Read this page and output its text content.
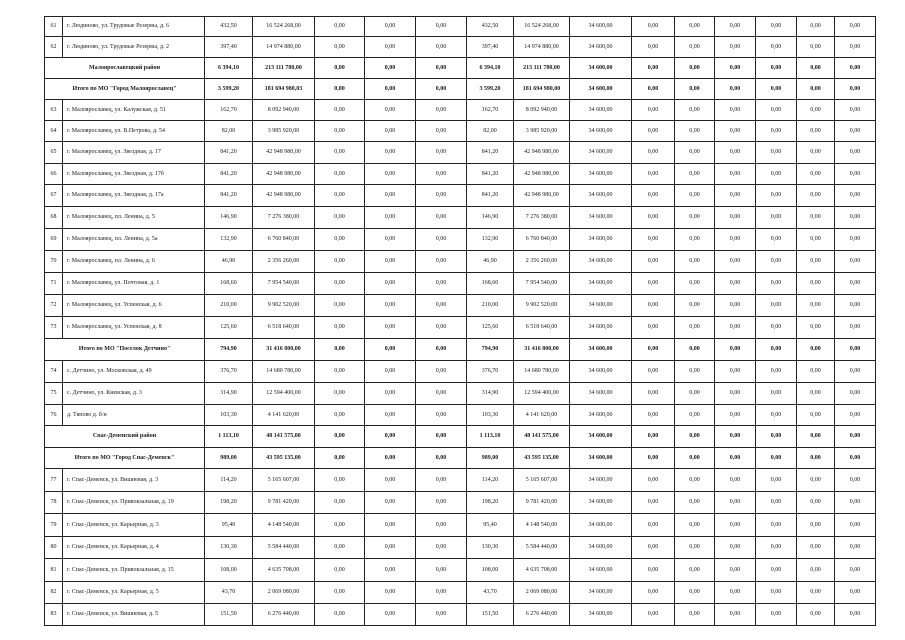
61	г. Людиново, ул. Трудовые Резервы, д. 6	432,50	16 524 268,00	0,00	0,00	0,00	432,50	16 524 268,00	34 600,00	0,00	0,00	0,00	0,00	0,00	0,00
62	г. Людиново, ул. Трудовые Резервы, д. 2	397,40	14 974 880,00	0,00	0,00	0,00	397,40	14 974 880,00	34 600,00	0,00	0,00	0,00	0,00	0,00	0,00
Малоярославецкий район		6 394,10	213 111 780,00	0,00	0,00	0,00	6 394,10	213 111 780,00	34 600,00	0,00	0,00	0,00	0,00	0,00	0,00
Итого по МО "Город Малоярославец"		3 599,20	181 694 980,03	0,00	0,00	0,00	3 599,20	181 694 980,00	34 600,00	0,00	0,00	0,00	0,00	0,00	0,00
63	г. Малоярославец, ул. Калужская, д. 51	162,70	8 092 940,00	0,00	0,00	0,00	162,70	8 092 940,00	34 600,00	0,00	0,00	0,00	0,00	0,00	0,00
64	г. Малоярославец, ул. В.Петрова, д. 54	82,00	3 985 920,00	0,00	0,00	0,00	82,00	3 985 920,00	34 600,00	0,00	0,00	0,00	0,00	0,00	0,00
65	г. Малоярославец, ул. Звездная, д. 17	841,20	42 948 980,00	0,00	0,00	0,00	841,20	42 948 980,00	34 600,00	0,00	0,00	0,00	0,00	0,00	0,00
66	г. Малоярославец, ул. Звездная, д. 17б	841,20	42 948 980,00	0,00	0,00	0,00	841,20	42 948 980,00	34 600,00	0,00	0,00	0,00	0,00	0,00	0,00
67	г. Малоярославец, ул. Звездная, д. 17а	841,20	42 948 980,00	0,00	0,00	0,00	841,20	42 948 980,00	34 600,00	0,00	0,00	0,00	0,00	0,00	0,00
68	г. Малоярославец, пл. Ленина, д. 5	146,90	7 276 380,00	0,00	0,00	0,00	146,90	7 276 380,00	34 600,00	0,00	0,00	0,00	0,00	0,00	0,00
69	г. Малоярославец, пл. Ленина, д. 5а	132,90	6 760 840,00	0,00	0,00	0,00	132,90	6 760 840,00	34 600,00	0,00	0,00	0,00	0,00	0,00	0,00
70	г. Малоярославец, пл. Ленина, д. 6	46,90	2 356 260,00	0,00	0,00	0,00	46,90	2 356 260,00	34 600,00	0,00	0,00	0,00	0,00	0,00	0,00
71	г. Малоярославец, ул. Почтовая, д. 1	168,60	7 954 540,00	0,00	0,00	0,00	168,60	7 954 540,00	34 600,00	0,00	0,00	0,00	0,00	0,00	0,00
72	г. Малоярославец, ул. Успенская, д. 6	210,00	9 902 520,00	0,00	0,00	0,00	210,00	9 902 520,00	34 600,00	0,00	0,00	0,00	0,00	0,00	0,00
73	г. Малоярославец, ул. Успенская, д. 8	125,60	6 518 640,00	0,00	0,00	0,00	125,60	6 518 640,00	34 600,00	0,00	0,00	0,00	0,00	0,00	0,00
Итого по МО "Поселок Детчино"		794,90	31 416 800,00	0,00	0,00	0,00	794,90	31 416 800,00	34 600,00	0,00	0,00	0,00	0,00	0,00	0,00
74	с. Детчино, ул. Московская, д. 49	376,70	14 680 780,00	0,00	0,00	0,00	376,70	14 680 780,00	34 600,00	0,00	0,00	0,00	0,00	0,00	0,00
75	с. Детчино, ул. Киевская, д. 3	314,90	12 594 400,00	0,00	0,00	0,00	314,90	12 594 400,00	34 600,00	0,00	0,00	0,00	0,00	0,00	0,00
76	д. Тяпово д. б/н	103,30	4 141 620,00	0,00	0,00	0,00	103,30	4 141 620,00	34 600,00	0,00	0,00	0,00	0,00	0,00	0,00
Спас-Деменский район		1 113,10	48 141 575,00	0,00	0,00	0,00	1 113,10	48 141 575,00	34 600,00	0,00	0,00	0,00	0,00	0,00	0,00
Итого по МО "Город Спас-Деменск"		989,00	43 595 135,00	0,00	0,00	0,00	989,00	43 595 135,00	34 600,00	0,00	0,00	0,00	0,00	0,00	0,00
77	г. Спас-Деменск, ул. Вишневая, д. 3	114,20	5 165 607,00	0,00	0,00	0,00	114,20	5 165 607,00	34 600,00	0,00	0,00	0,00	0,00	0,00	0,00
78	г. Спас-Деменск, ул. Привокзальная, д. 19	198,20	9 781 420,00	0,00	0,00	0,00	198,20	9 781 420,00	34 600,00	0,00	0,00	0,00	0,00	0,00	0,00
79	г. Спас-Деменск, ул. Карьерная, д. 3	95,40	4 148 540,00	0,00	0,00	0,00	95,40	4 148 540,00	34 600,00	0,00	0,00	0,00	0,00	0,00	0,00
80	г. Спас-Деменск, ул. Карьерная, д. 4	130,30	5 584 440,00	0,00	0,00	0,00	130,30	5 584 440,00	34 600,00	0,00	0,00	0,00	0,00	0,00	0,00
81	г. Спас-Деменск, ул. Привокзальная, д. 15	108,00	4 635 708,00	0,00	0,00	0,00	108,00	4 635 708,00	34 600,00	0,00	0,00	0,00	0,00	0,00	0,00
82	г. Спас-Деменск, ул. Карьерная, д. 5	43,70	2 069 080,00	0,00	0,00	0,00	43,70	2 069 080,00	34 600,00	0,00	0,00	0,00	0,00	0,00	0,00
83	г. Спас-Деменск, ул. Вишневая, д. 5	151,50	6 276 440,00	0,00	0,00	0,00	151,50	6 276 440,00	34 600,00	0,00	0,00	0,00	0,00	0,00	0,00
